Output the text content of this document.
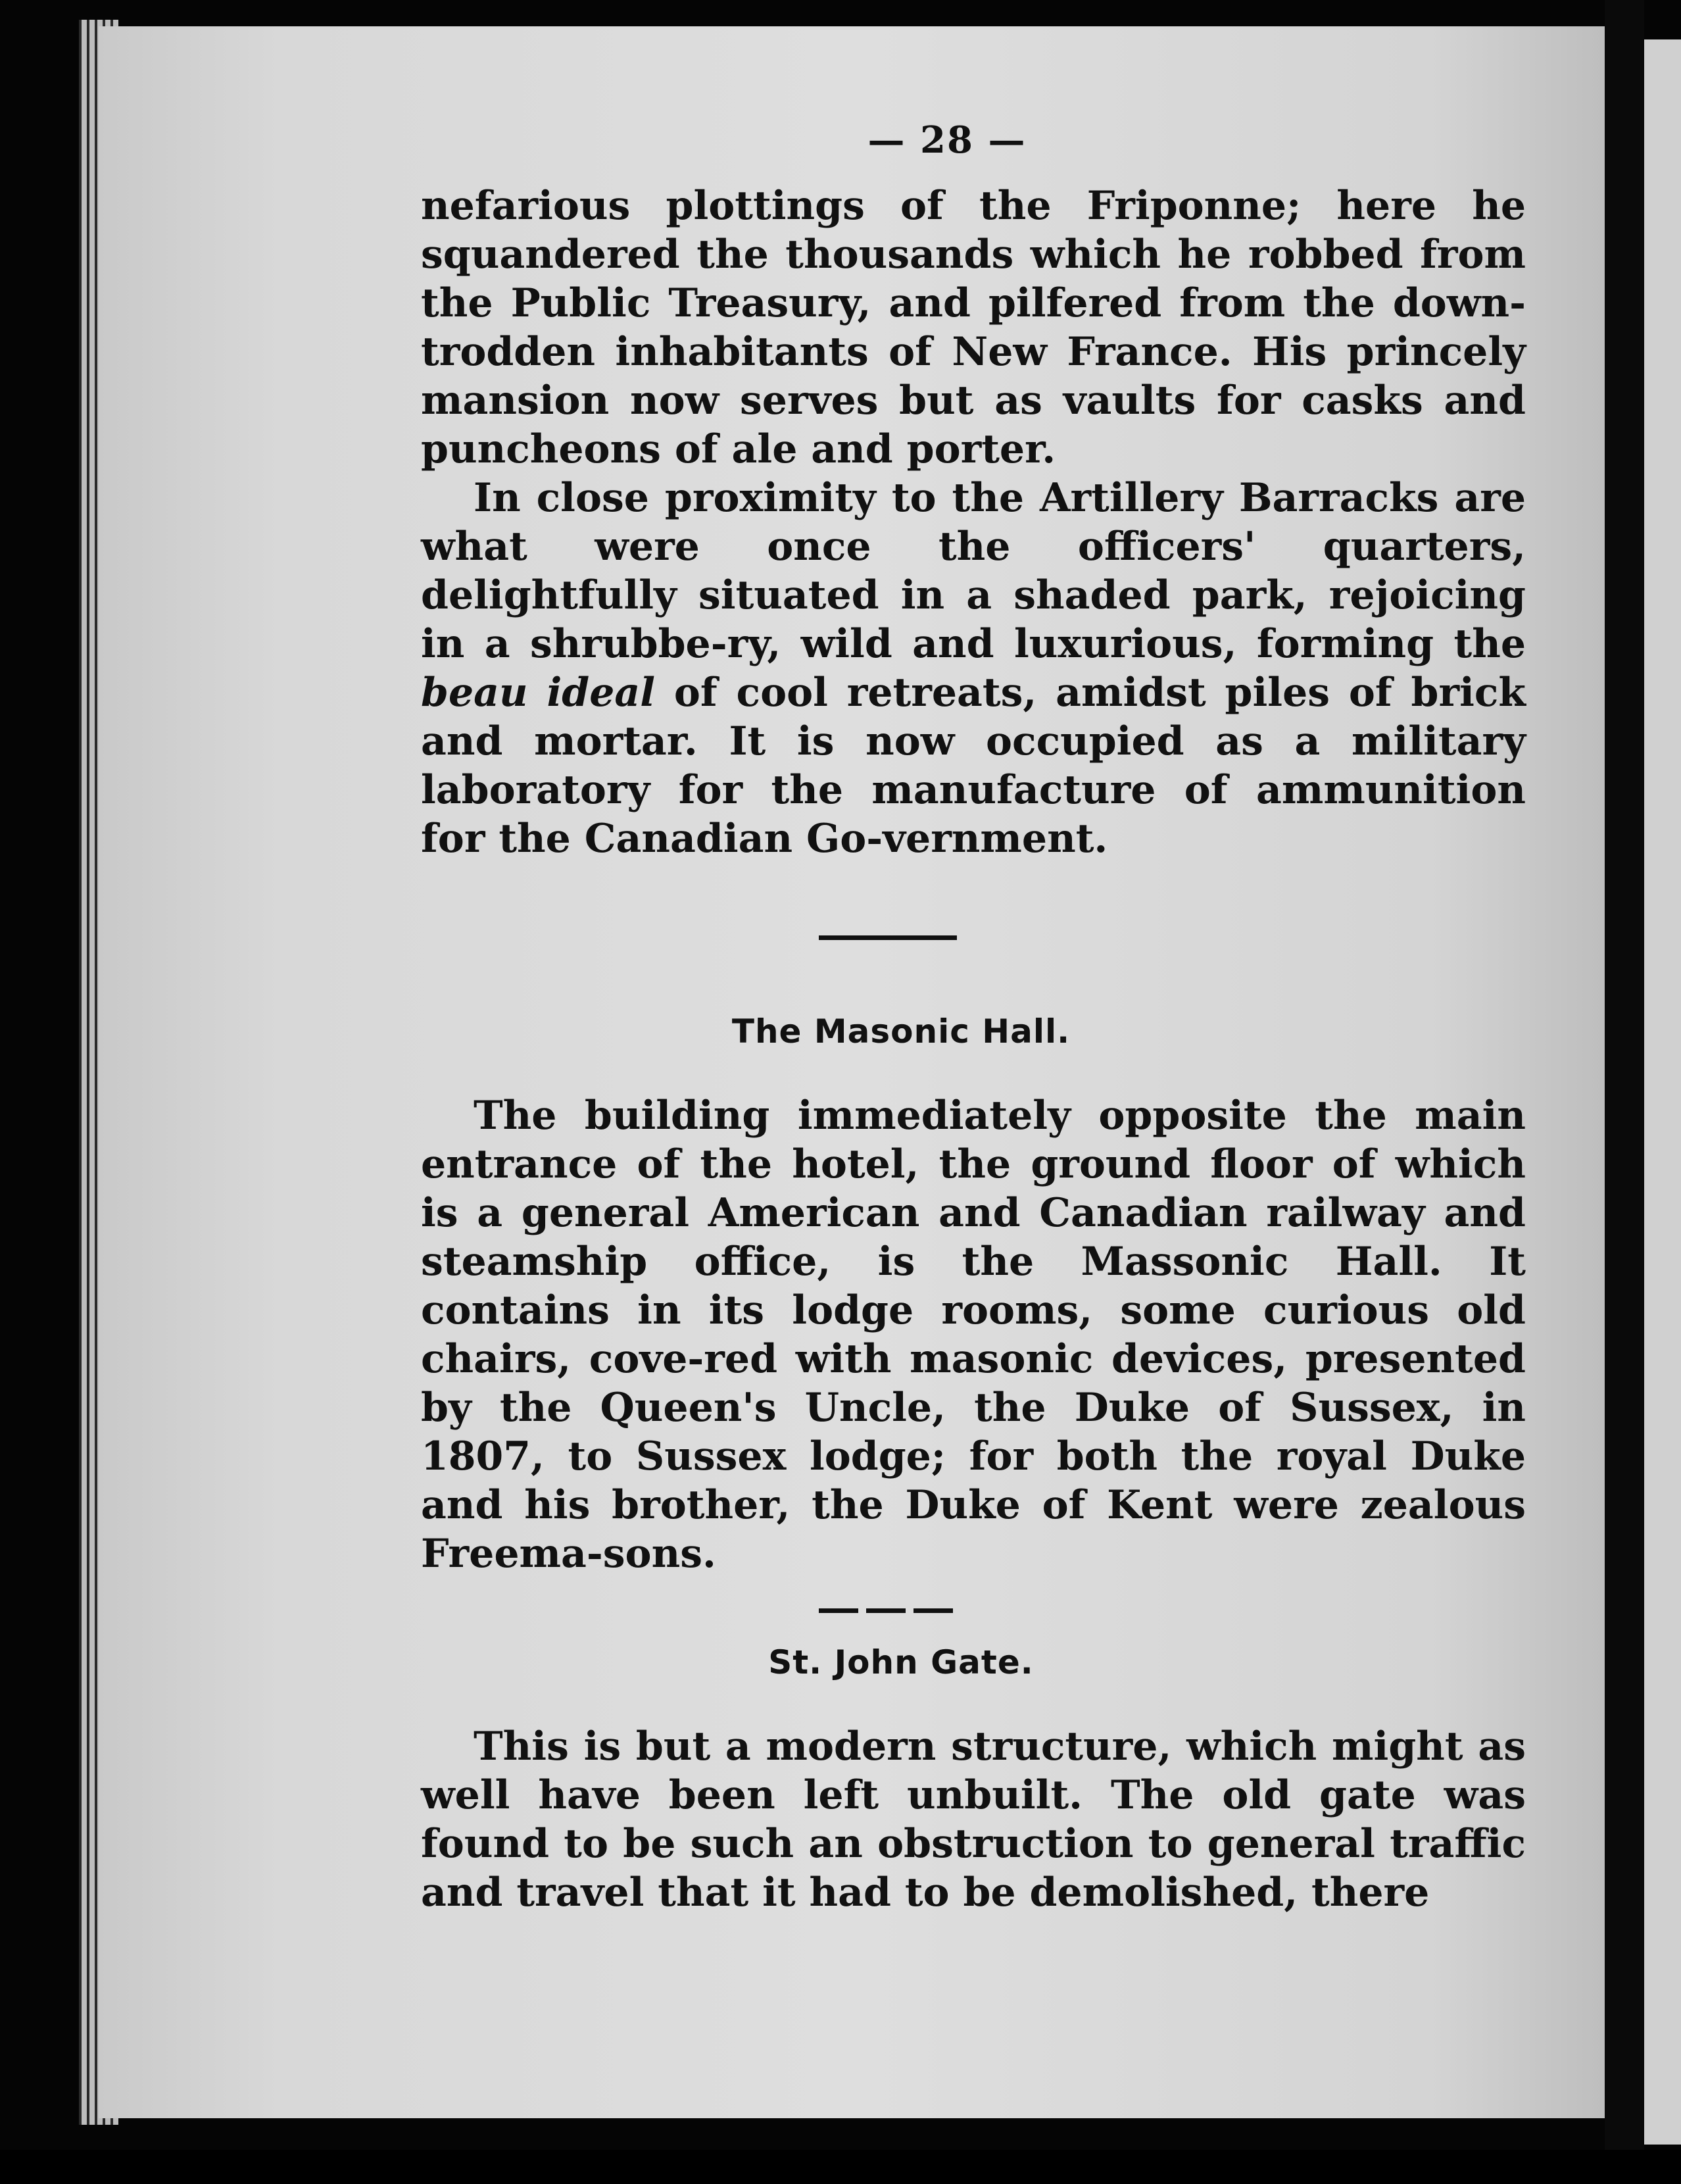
— 28 —

nefarious plottings of the Friponne; here he squandered the thousands which he robbed from the Public Treasury, and pilfered from the down-trodden inhabitants of New France. His princely mansion now serves but as vaults for casks and puncheons of ale and porter.

In close proximity to the Artillery Barracks are what were once the officers' quarters, delightfully situated in a shaded park, rejoicing in a shrubbe-ry, wild and luxurious, forming the beau ideal of cool retreats, amidst piles of brick and mortar. It is now occupied as a military laboratory for the manufacture of ammunition for the Canadian Go-vernment.

The Masonic Hall.

The building immediately opposite the main entrance of the hotel, the ground floor of which is a general American and Canadian railway and steamship office, is the Massonic Hall. It contains in its lodge rooms, some curious old chairs, cove-red with masonic devices, presented by the Queen's Uncle, the Duke of Sussex, in 1807, to Sussex lodge; for both the royal Duke and his brother, the Duke of Kent were zealous Freema-sons.

St. John Gate.

This is but a modern structure, which might as well have been left unbuilt. The old gate was found to be such an obstruction to general traffic and travel that it had to be demolished, there
